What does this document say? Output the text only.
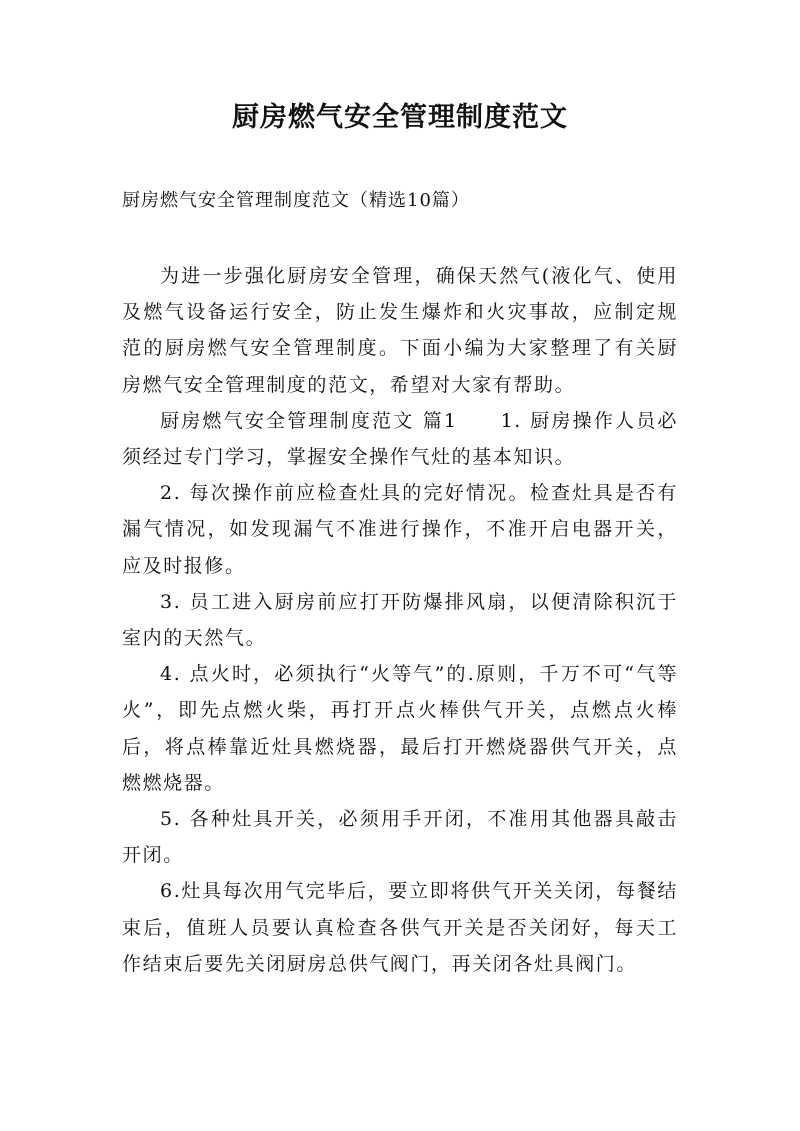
厨房燃气安全管理制度范文
厨房燃气安全管理制度范文（精选10篇）

为进一步强化厨房安全管理，确保天然气(液化气、使用及燃气设备运行安全，防止发生爆炸和火灾事故，应制定规范的厨房燃气安全管理制度。下面小编为大家整理了有关厨房燃气安全管理制度的范文，希望对大家有帮助。

厨房燃气安全管理制度范文 篇1　　1. 厨房操作人员必须经过专门学习，掌握安全操作气灶的基本知识。

2. 每次操作前应检查灶具的完好情况。检查灶具是否有漏气情况，如发现漏气不准进行操作，不准开启电器开关，应及时报修。

3. 员工进入厨房前应打开防爆排风扇，以便清除积沉于室内的天然气。

4. 点火时，必须执行“火等气”的.原则，千万不可“气等火”，即先点燃火柴，再打开点火棒供气开关，点燃点火棒后，将点棒靠近灶具燃烧器，最后打开燃烧器供气开关，点燃燃烧器。

5. 各种灶具开关，必须用手开闭，不准用其他器具敲击开闭。

6.灶具每次用气完毕后，要立即将供气开关关闭，每餐结束后，值班人员要认真检查各供气开关是否关闭好，每天工作结束后要先关闭厨房总供气阀门，再关闭各灶具阀门。
